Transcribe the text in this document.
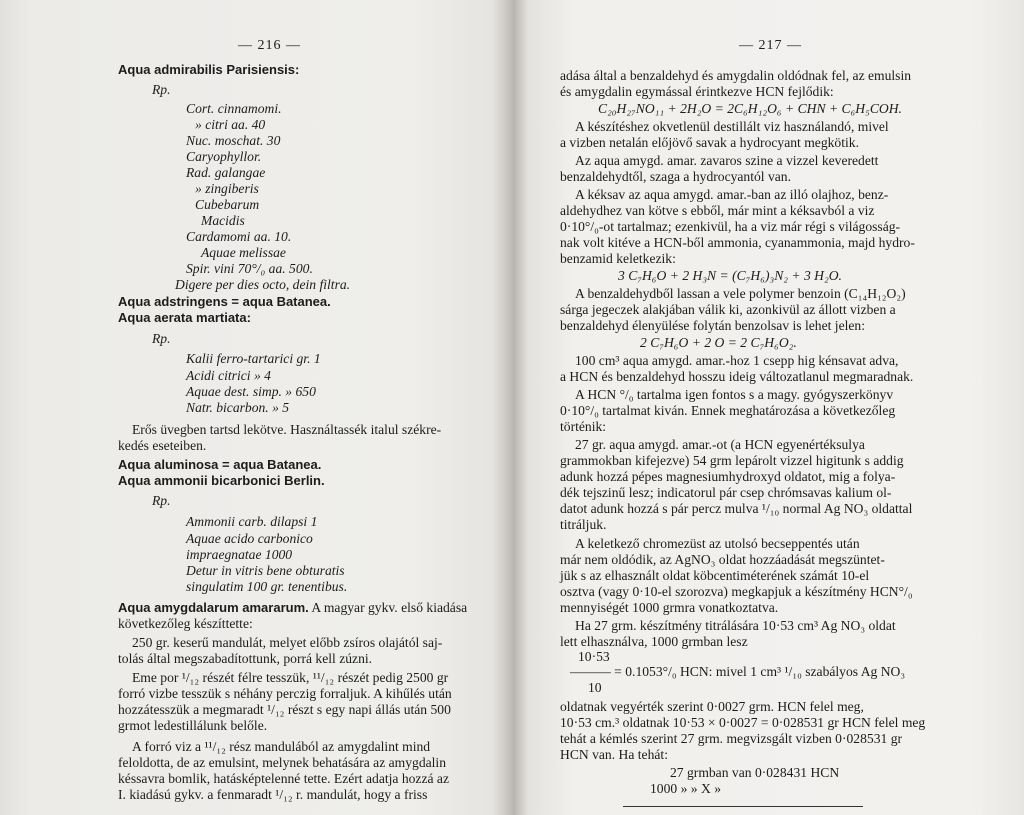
— 216 —
Aqua admirabilis Parisiensis:
Rp.
Cort. cinnamomi.
» citri aa. 40
Nuc. moschat. 30
Caryophyllor.
Rad. galangae
» zingiberis
Cubebarum
Macidis
Cardamomi aa. 10.
Aquae melissae
Spir. vini 70°/₀ aa. 500.
Digere per dies octo, dein filtra.
Aqua adstringens = aqua Batanea.
Aqua aerata martiata:
Rp.
Kalii ferro-tartarici gr. 1
Acidi citrici » 4
Aquae dest. simp. » 650
Natr. bicarbon. » 5
Erős üvegben tartsd lekötve. Használtassék italul székre-
kedés eseteiben.
Aqua aluminosa = aqua Batanea.
Aqua ammonii bicarbonici Berlin.
Rp.
Ammonii carb. dilapsi 1
Aquae acido carbonico
impraegnatae 1000
Detur in vitris bene obturatis
singulatim 100 gr. tenentibus.
Aqua amygdalarum amararum. A magyar gykv. első kiadása
következőleg készíttette:
250 gr. keserű mandulát, melyet előbb zsíros olajától saj-
tolás által megszabadítottunk, porrá kell zúzni.
Eme por ¹/₁₂ részét félre tesszük, ¹¹/₁₂ részét pedig 2500 gr
forró vizbe tesszük s néhány perczig forraljuk. A kihűlés után
hozzátesszük a megmaradt ¹/₁₂ részt s egy napi állás után 500
grmot ledestillálunk belőle.
A forró viz a ¹¹/₁₂ rész mandulából az amygdalint mind
feloldotta, de az emulsint, melynek behatására az amygdalin
késsavra bomlik, hatásképtelenné tette. Ezért adatja hozzá az
I. kiadású gykv. a fenmaradt ¹/₁₂ r. mandulát, hogy a friss
— 217 —
adása által a benzaldehyd és amygdalin oldódnak fel, az emulsin
és amygdalin egymással érintkezve HCN fejlődik:
C₂₀H₂₇NO₁₁ + 2H₂O = 2C₆H₁₂O₆ + CHN + C₆H₅COH.
A készítéshez okvetlenül destillált viz használandó, mivel
a vizben netalán előjövő savak a hydrocyant megkötik.
Az aqua amygd. amar. zavaros szine a vizzel keveredett
benzaldehydtől, szaga a hydrocyantól van.
A kéksav az aqua amygd. amar.-ban az illó olajhoz, benz-
aldehydhez van kötve s ebből, már mint a kéksavból a viz
0·10°/₀-ot tartalmaz; ezenkivül, ha a viz már régi s világosság-
nak volt kitéve a HCN-ből ammonia, cyanammonia, majd hydro-
benzamid keletkezik:
3 C₇H₆O + 2 H₃N = (C₇H₆)₃N₂ + 3 H₂O.
A benzaldehydből lassan a vele polymer benzoin (C₁₄H₁₂O₂)
sárga jegeczek alakjában válik ki, azonkivül az állott vizben a
benzaldehyd élenyülése folytán benzolsav is lehet jelen:
2 C₇H₆O + 2 O = 2 C₇H₆O₂.
100 cm³ aqua amygd. amar.-hoz 1 csepp hig kénsavat adva,
a HCN és benzaldehyd hosszu ideig változatlanul megmaradnak.
A HCN °/₀ tartalma igen fontos s a magy. gyógyszerkönyv
0·10°/₀ tartalmat kiván. Ennek meghatározása a következőleg
történik:
27 gr. aqua amygd. amar.-ot (a HCN egyenértéksulya
grammokban kifejezve) 54 grm lepárolt vizzel higitunk s addig
adunk hozzá pépes magnesiumhydroxyd oldatot, mig a folya-
dék tejszinű lesz; indicatorul pár csep chrómsavas kalium ol-
datot adunk hozzá s pár percz mulva ¹/₁₀ normal Ag NO₃ oldattal
titráljuk.
A keletkező chromezüst az utolsó becseppentés után
már nem oldódik, az AgNO₃ oldat hozzáadását megszüntet-
jük s az elhasznált oldat köbcentiméterének számát 10-el
osztva (vagy 0·10-el szorozva) megkapjuk a készítmény HCN°/₀
mennyiségét 1000 grmra vonatkoztatva.
Ha 27 grm. készítmény titrálására 10·53 cm³ Ag NO₃ oldat
lett elhasználva, 1000 grmban lesz
10·53
——— = 0.1053°/₀ HCN: mivel 1 cm³ ¹/₁₀ szabályos Ag NO₃
10
oldatnak vegyérték szerint 0·0027 grm. HCN felel meg,
10·53 cm.³ oldatnak 10·53 × 0·0027 = 0·028531 gr HCN felel meg
tehát a kémlés szerint 27 grm. megvizsgált vizben 0·028531 gr
HCN van. Ha tehát:
27 grmban van 0·028431 HCN
1000 » » X »
